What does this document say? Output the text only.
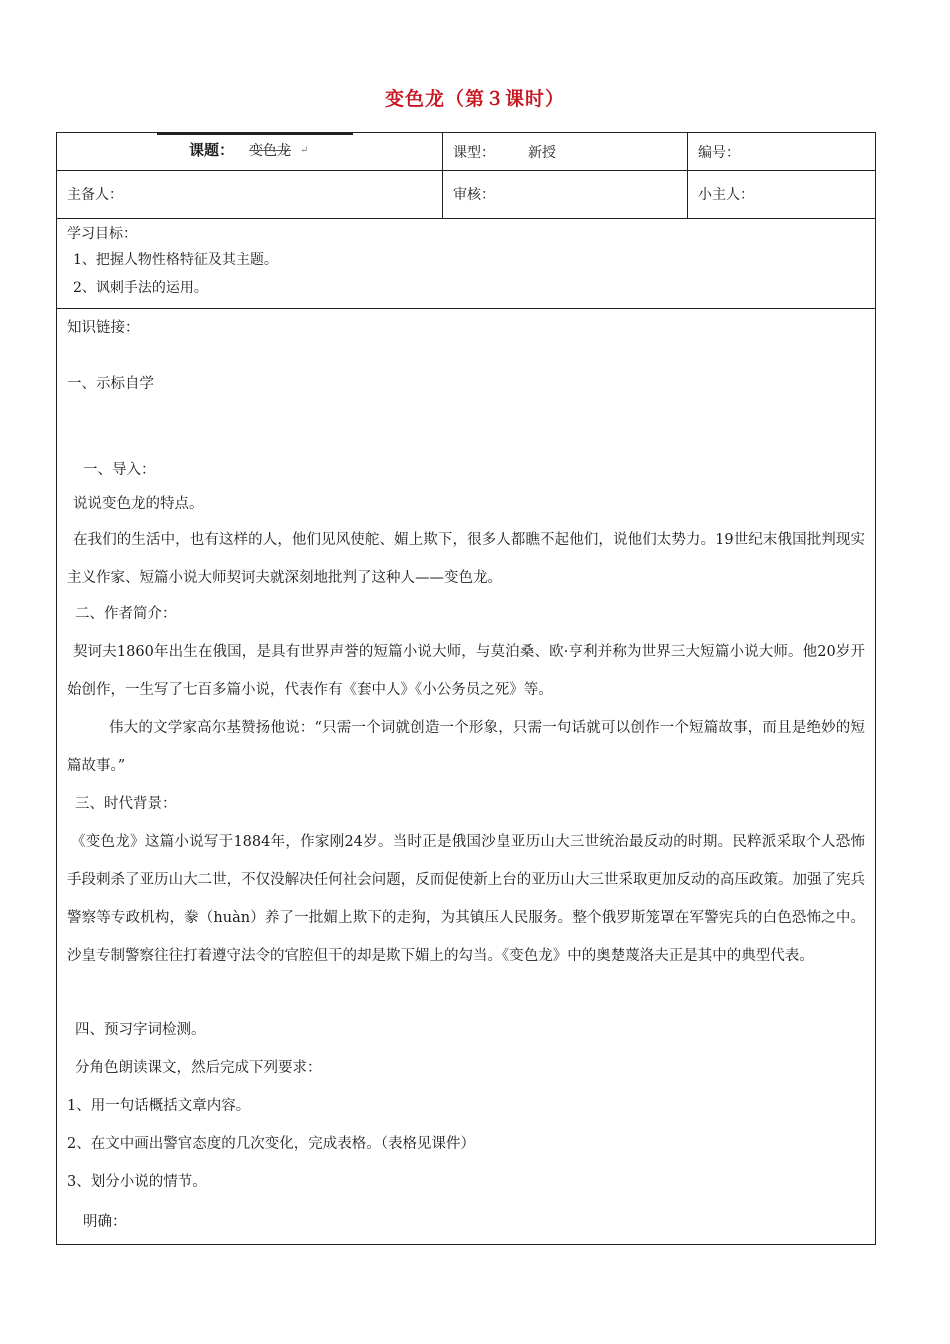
变色龙（第３课时）
课题： 变色龙 ↵	课型： 新授	编号：
主备人：	审核：	小主人：
学习目标：
1、把握人物性格特征及其主题。
2、讽刺手法的运用。
知识链接：
一、示标自学
一、导入：
说说变色龙的特点。
在我们的生活中，也有这样的人，他们见风使舵、媚上欺下，很多人都瞧不起他们，说他们太势力。19世纪末俄国批判现实主义作家、短篇小说大师契诃夫就深刻地批判了这种人——变色龙。
二、作者简介：
契诃夫1860年出生在俄国，是具有世界声誉的短篇小说大师，与莫泊桑、欧·亨利并称为世界三大短篇小说大师。他20岁开始创作，一生写了七百多篇小说，代表作有《套中人》《小公务员之死》等。
伟大的文学家高尔基赞扬他说：“只需一个词就创造一个形象，只需一句话就可以创作一个短篇故事，而且是绝妙的短篇故事。”
三、时代背景：
《变色龙》这篇小说写于1884年，作家刚24岁。当时正是俄国沙皇亚历山大三世统治最反动的时期。民粹派采取个人恐怖手段刺杀了亚历山大二世，不仅没解决任何社会问题，反而促使新上台的亚历山大三世采取更加反动的高压政策。加强了宪兵警察等专政机构，豢（huàn）养了一批媚上欺下的走狗，为其镇压人民服务。整个俄罗斯笼罩在军警宪兵的白色恐怖之中。沙皇专制警察往往打着遵守法令的官腔但干的却是欺下媚上的勾当。《变色龙》中的奥楚蔑洛夫正是其中的典型代表。
四、预习字词检测。
分角色朗读课文，然后完成下列要求：
1、用一句话概括文章内容。
2、在文中画出警官态度的几次变化，完成表格。（表格见课件）
3、划分小说的情节。
明确：
